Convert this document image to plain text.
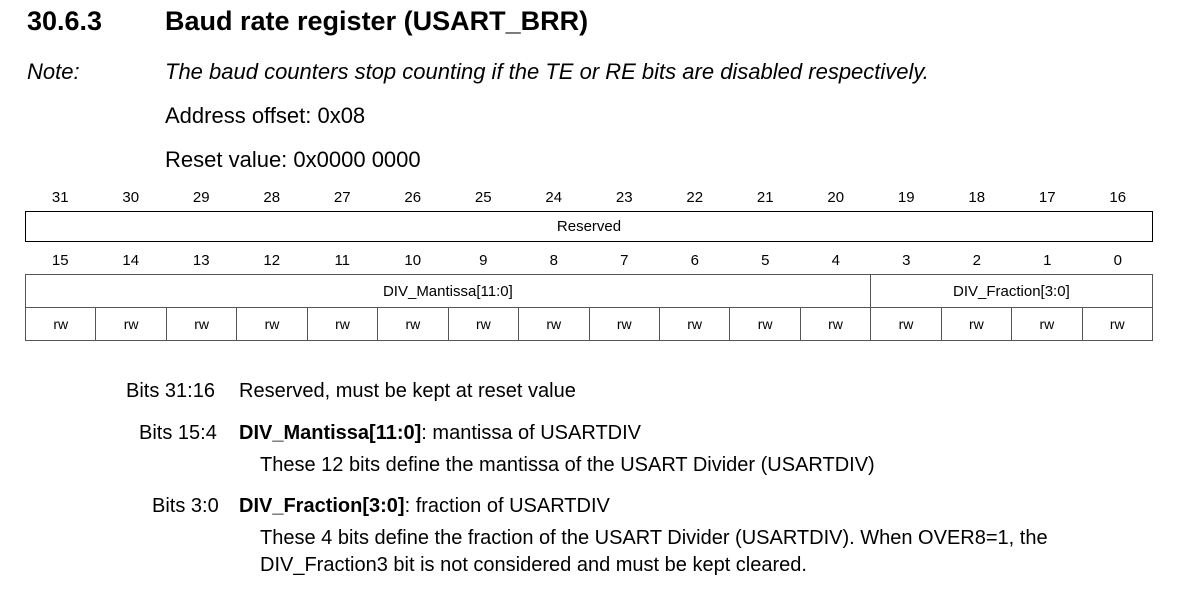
30.6.3 Baud rate register (USART_BRR)
Note:	The baud counters stop counting if the TE or RE bits are disabled respectively.
Address offset: 0x08
Reset value: 0x0000 0000
31	30	29	28	27	26	25	24	23	22	21	20	19	18	17	16
Reserved
15	14	13	12	11	10	9	8	7	6	5	4	3	2	1	0
DIV_Mantissa[11:0]	DIV_Fraction[3:0]
rw	rw	rw	rw	rw	rw	rw	rw	rw	rw	rw	rw	rw	rw	rw	rw
Bits 31:16 Reserved, must be kept at reset value
Bits 15:4 DIV_Mantissa[11:0]: mantissa of USARTDIV
These 12 bits define the mantissa of the USART Divider (USARTDIV)
Bits 3:0 DIV_Fraction[3:0]: fraction of USARTDIV
These 4 bits define the fraction of the USART Divider (USARTDIV). When OVER8=1, the DIV_Fraction3 bit is not considered and must be kept cleared.
